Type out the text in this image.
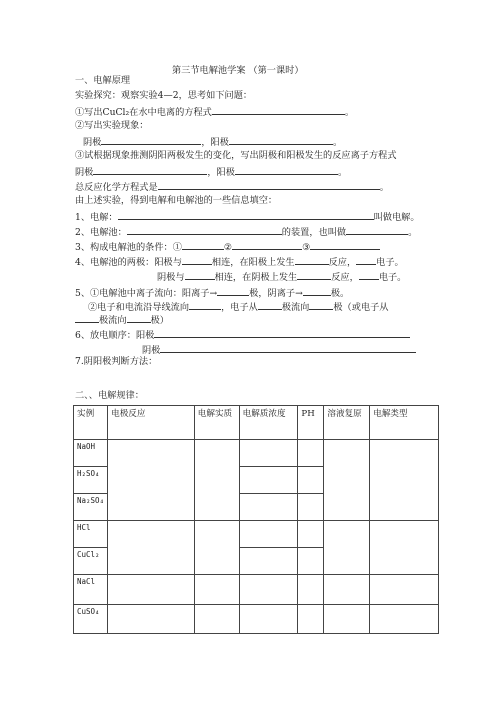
第三节电解池学案 （第一课时）
一、电解原理
实验探究：观察实验4—2，思考如下问题：
①写出CuCl₂在水中电离的方程式	。
②写出实验现象：
阴极	，阳极	。
③试根据现象推测阴阳两极发生的变化，写出阴极和阳极发生的反应离子方程式
阴极	，阳极	。
总反应化学方程式是	。
由上述实验，得到电解和电解池的一些信息填空：
1、电解：	叫做电解。
2、电解池：	的装置，也叫做	。
3、构成电解池的条件：①	②	③
4、电解池的两极：阳极与	相连，在阳极上发生	反应， 电子。
阴极与	相连，在阴极上发生	反应， 电子。
5、①电解池中离子流向：阳离子→	极，阴离子→	极。
②电子和电流沿导线流向	，电子从	极流向	极（或电子从
极流向	极）
6、放电顺序：阳极
阴极
7.阴阳极判断方法：
二、、电解规律：
实例	电极反应	电解实质	电解质浓度	PH	溶液复原	电解类型
NaOH						
H₂SO₄						
Na₂SO₄						
HCl						
CuCl₂						
NaCl						
CuSO₄						
